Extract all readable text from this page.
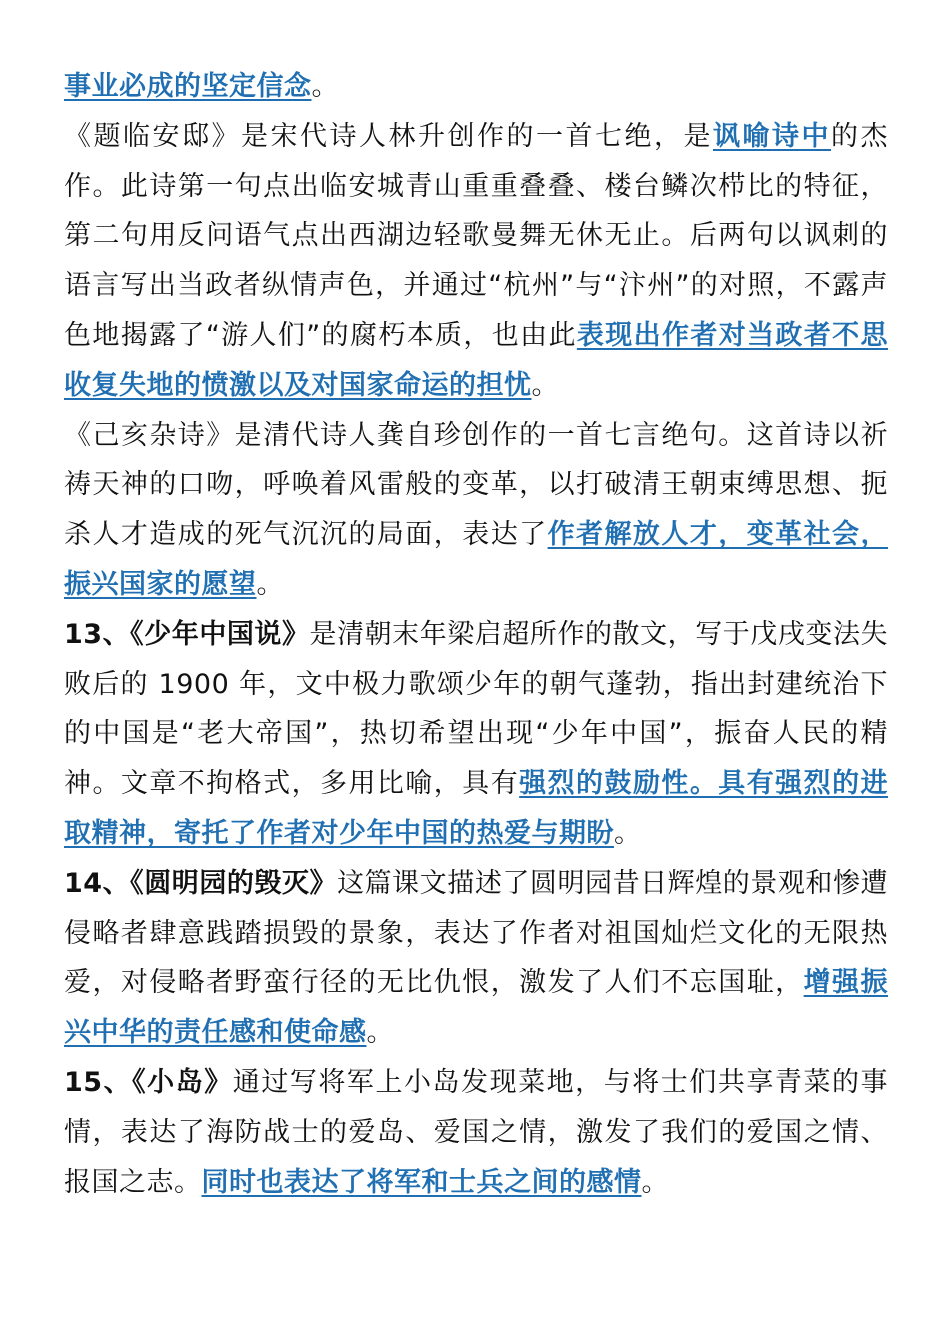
事业必成的坚定信念。

《题临安邸》是宋代诗人林升创作的一首七绝，是讽喻诗中的杰作。此诗第一句点出临安城青山重重叠叠、楼台鳞次栉比的特征，第二句用反问语气点出西湖边轻歌曼舞无休无止。后两句以讽刺的语言写出当政者纵情声色，并通过“杭州”与“汴州”的对照，不露声色地揭露了“游人们”的腐朽本质，也由此表现出作者对当政者不思收复失地的愤激以及对国家命运的担忧。

《己亥杂诗》是清代诗人龚自珍创作的一首七言绝句。这首诗以祈祷天神的口吻，呼唤着风雷般的变革，以打破清王朝束缚思想、扼杀人才造成的死气沉沉的局面，表达了作者解放人才，变革社会，振兴国家的愿望。

13、《少年中国说》是清朝末年梁启超所作的散文，写于戊戌变法失败后的 1900 年，文中极力歌颂少年的朝气蓬勃，指出封建统治下的中国是“老大帝国”，热切希望出现“少年中国”，振奋人民的精神。文章不拘格式，多用比喻，具有强烈的鼓励性。具有强烈的进取精神，寄托了作者对少年中国的热爱与期盼。

14、《圆明园的毁灭》这篇课文描述了圆明园昔日辉煌的景观和惨遭侵略者肆意践踏损毁的景象，表达了作者对祖国灿烂文化的无限热爱，对侵略者野蛮行径的无比仇恨，激发了人们不忘国耻，增强振兴中华的责任感和使命感。

15、《小岛》通过写将军上小岛发现菜地，与将士们共享青菜的事情，表达了海防战士的爱岛、爱国之情，激发了我们的爱国之情、报国之志。同时也表达了将军和士兵之间的感情。
